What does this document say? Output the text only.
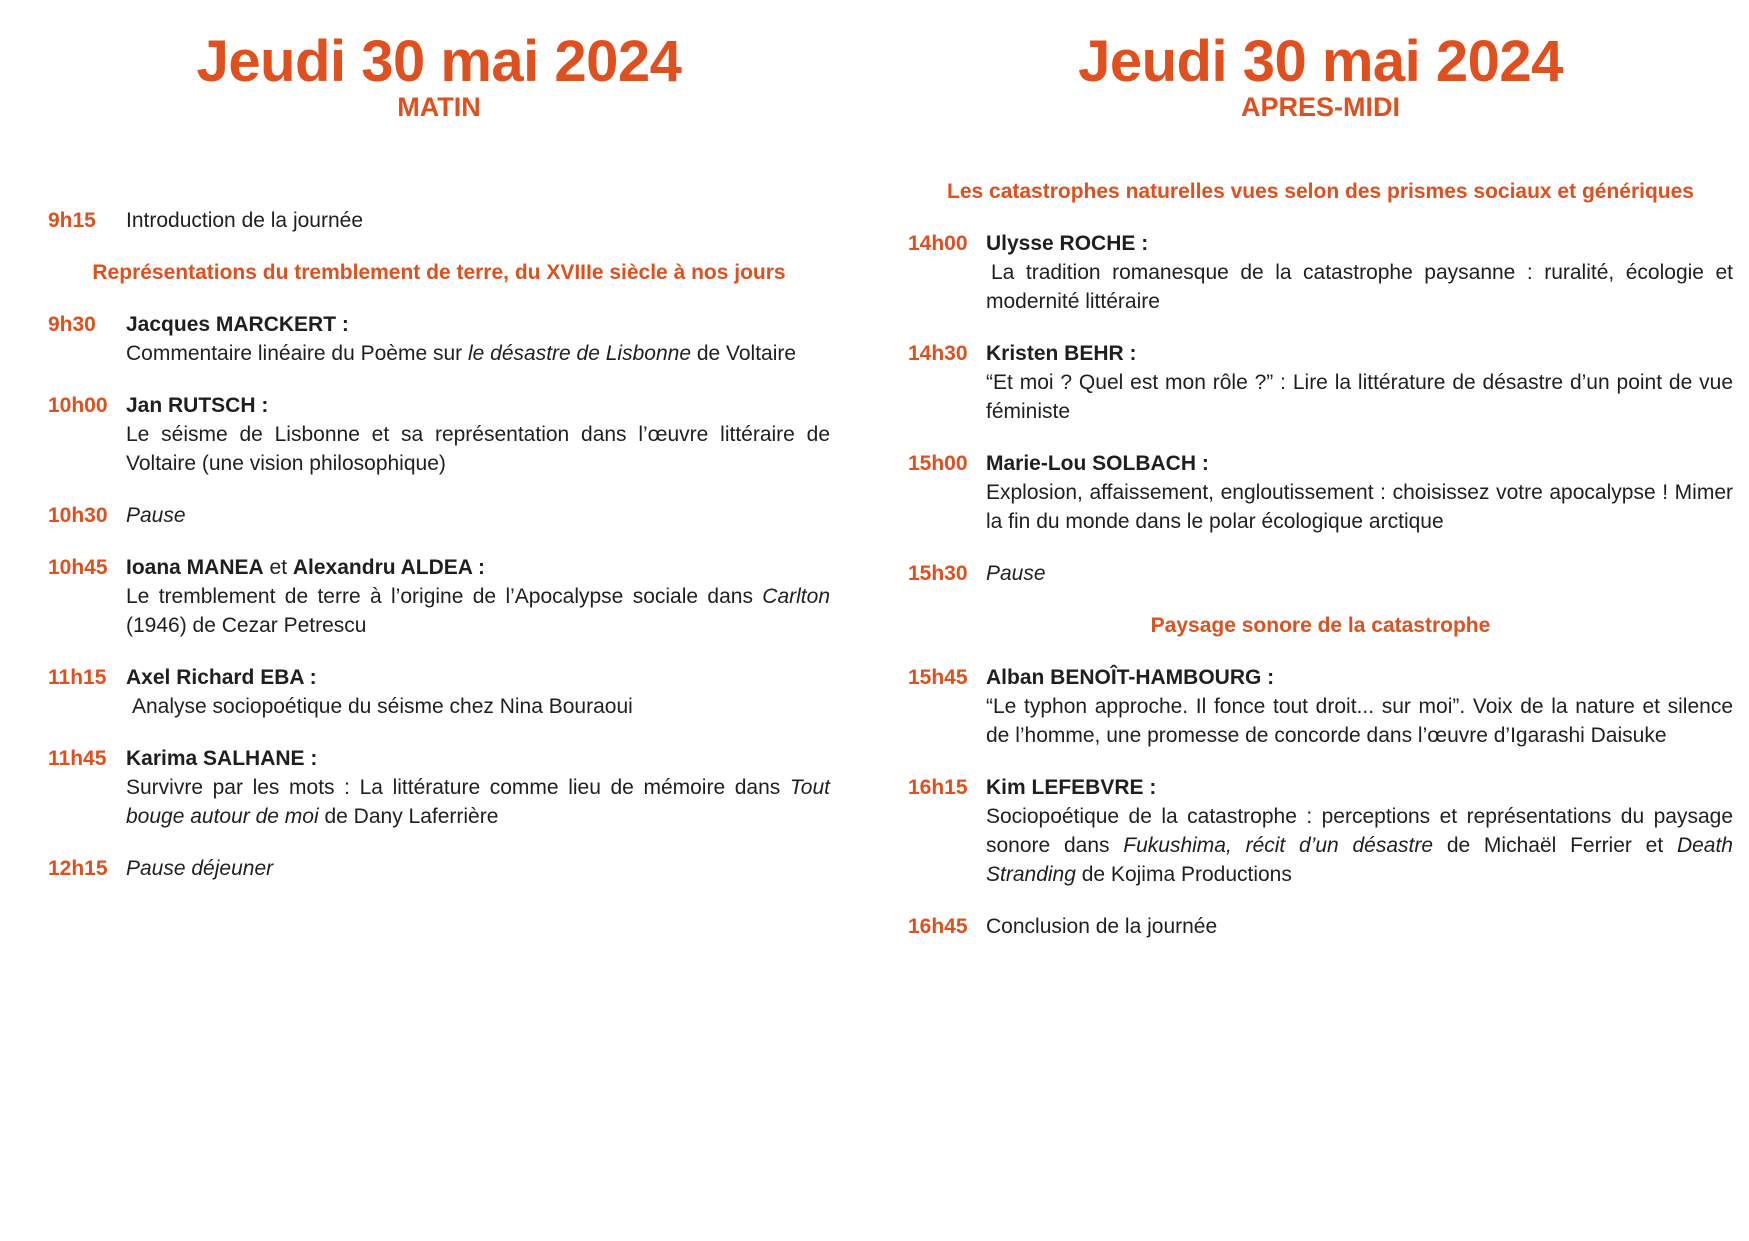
Jeudi 30 mai 2024
MATIN
9h15	Introduction de la journée
Représentations du tremblement de terre, du XVIIIe siècle à nos jours
9h30	Jacques MARCKERT :
Commentaire linéaire du Poème sur le désastre de Lisbonne de Voltaire
10h00 Jan RUTSCH :
Le séisme de Lisbonne et sa représentation dans l’œuvre littéraire de Voltaire (une vision philosophique)
10h30 Pause
10h45 Ioana MANEA et Alexandru ALDEA :
Le tremblement de terre à l’origine de l’Apocalypse sociale dans Carlton (1946) de Cezar Petrescu
11h15 Axel Richard EBA :
Analyse sociopoétique du séisme chez Nina Bouraoui
11h45 Karima SALHANE :
Survivre par les mots : La littérature comme lieu de mémoire dans Tout bouge autour de moi de Dany Laferrière
12h15 Pause déjeuner
Jeudi 30 mai 2024
APRES-MIDI
Les catastrophes naturelles vues selon des prismes sociaux et génériques
14h00 Ulysse ROCHE :
La tradition romanesque de la catastrophe paysanne : ruralité, écologie et modernité littéraire
14h30 Kristen BEHR :
“Et moi ? Quel est mon rôle ?” : Lire la littérature de désastre d’un point de vue féministe
15h00 Marie-Lou SOLBACH :
Explosion, affaissement, engloutissement : choisissez votre apocalypse ! Mimer la fin du monde dans le polar écologique arctique
15h30 Pause
Paysage sonore de la catastrophe
15h45 Alban BENOÎT-HAMBOURG :
“Le typhon approche. Il fonce tout droit... sur moi”. Voix de la nature et silence de l’homme, une promesse de concorde dans l’œuvre d’Igarashi Daisuke
16h15 Kim LEFEBVRE :
Sociopoétique de la catastrophe : perceptions et représentations du paysage sonore dans Fukushima, récit d’un désastre de Michaël Ferrier et Death Stranding de Kojima Productions
16h45 Conclusion de la journée
